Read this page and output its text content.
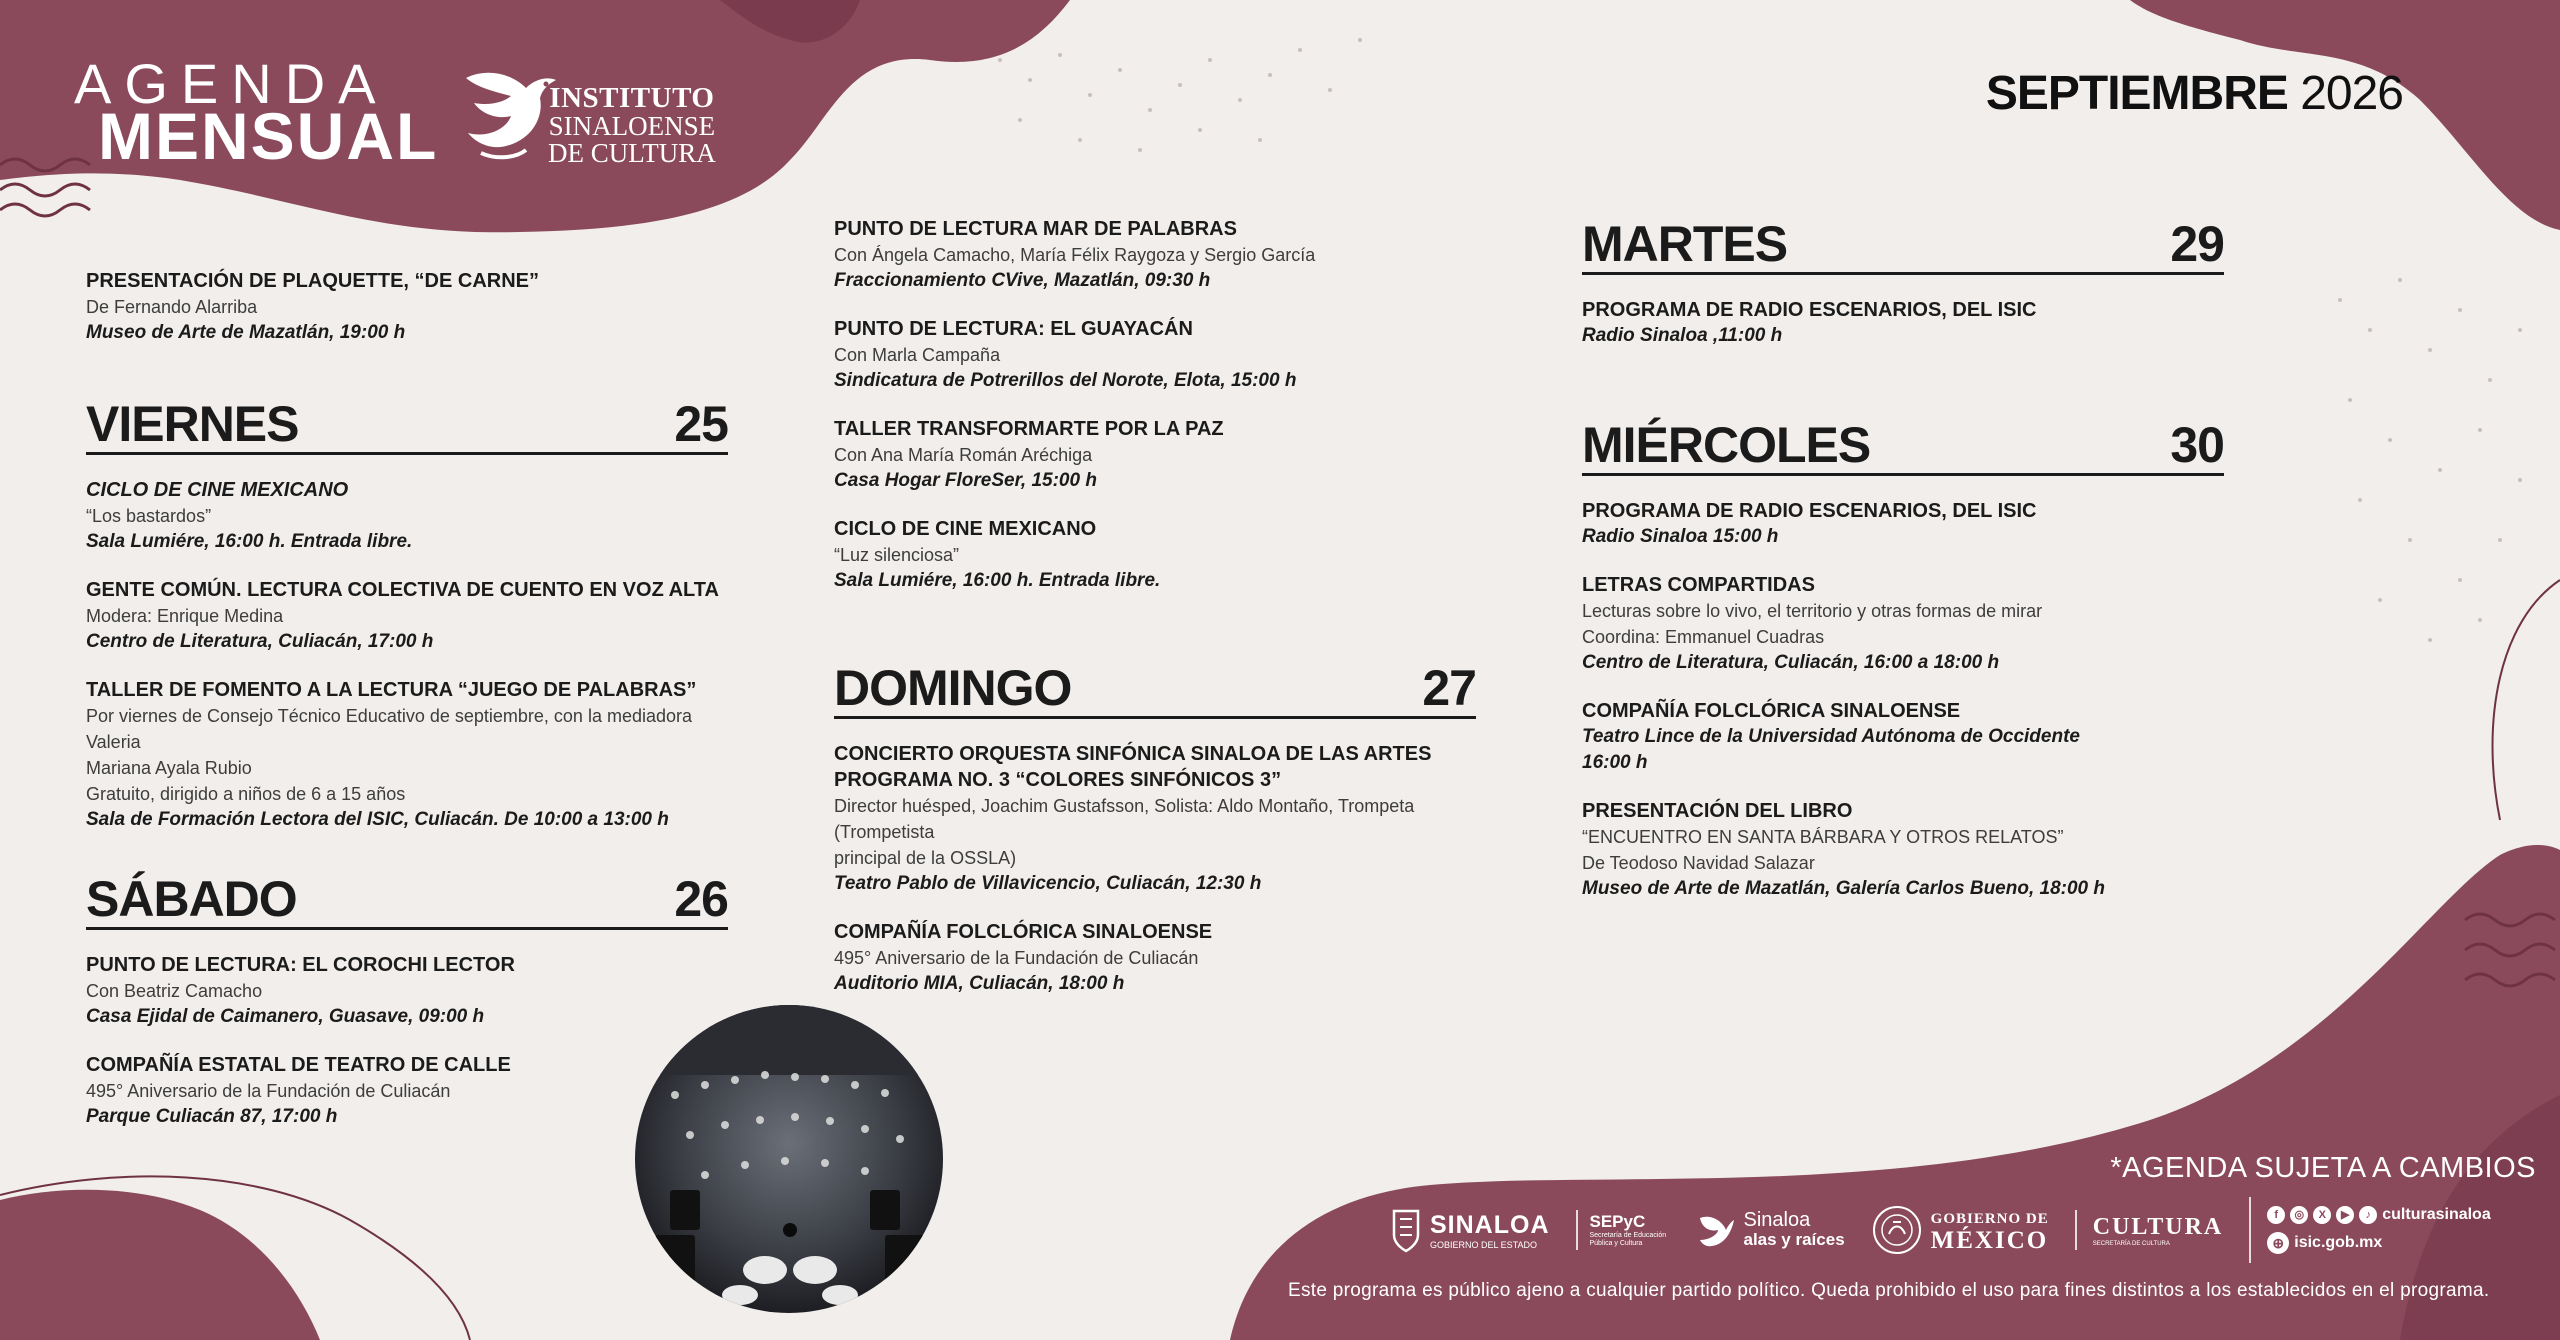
AGENDA
MENSUAL
INSTITUTO
SINALOENSE
DE CULTURA
SEPTIEMBRE 2026
PRESENTACIÓN DE PLAQUETTE, “DE CARNE”
De Fernando Alarriba
Museo de Arte de Mazatlán, 19:00 h
VIERNES	25
CICLO DE CINE MEXICANO
“Los bastardos”
Sala Lumiére, 16:00 h. Entrada libre.
GENTE COMÚN. LECTURA COLECTIVA DE CUENTO EN VOZ ALTA
Modera: Enrique Medina
Centro de Literatura, Culiacán, 17:00 h
TALLER DE FOMENTO A LA LECTURA “JUEGO DE PALABRAS”
Por viernes de Consejo Técnico Educativo de septiembre, con la mediadora Valeria
Mariana Ayala Rubio
Gratuito, dirigido a niños de 6 a 15 años
Sala de Formación Lectora del ISIC, Culiacán. De 10:00 a 13:00 h
SÁBADO	26
PUNTO DE LECTURA: EL COROCHI LECTOR
Con Beatriz Camacho
Casa Ejidal de Caimanero, Guasave, 09:00 h
COMPAÑÍA ESTATAL DE TEATRO DE CALLE
495° Aniversario de la Fundación de Culiacán
Parque Culiacán 87, 17:00 h
PUNTO DE LECTURA MAR DE PALABRAS
Con Ángela Camacho, María Félix Raygoza y Sergio García
Fraccionamiento CVive, Mazatlán, 09:30 h
PUNTO DE LECTURA: EL GUAYACÁN
Con Marla Campaña
Sindicatura de Potrerillos del Norote, Elota, 15:00 h
TALLER TRANSFORMARTE POR LA PAZ
Con Ana María Román Aréchiga
Casa Hogar FloreSer, 15:00 h
CICLO DE CINE MEXICANO
“Luz silenciosa”
Sala Lumiére, 16:00 h. Entrada libre.
DOMINGO	27
CONCIERTO ORQUESTA SINFÓNICA SINALOA DE LAS ARTES
PROGRAMA NO. 3 “COLORES SINFÓNICOS 3”
Director huésped, Joachim Gustafsson, Solista: Aldo Montaño, Trompeta (Trompetista
principal de la OSSLA)
Teatro Pablo de Villavicencio, Culiacán, 12:30 h
COMPAÑÍA FOLCLÓRICA SINALOENSE
495° Aniversario de la Fundación de Culiacán
Auditorio MIA, Culiacán, 18:00 h
MARTES	29
PROGRAMA DE RADIO ESCENARIOS, DEL ISIC
Radio Sinaloa ,11:00 h
MIÉRCOLES	30
PROGRAMA DE RADIO ESCENARIOS, DEL ISIC
Radio Sinaloa 15:00 h
LETRAS COMPARTIDAS
Lecturas sobre lo vivo, el territorio y otras formas de mirar
Coordina: Emmanuel Cuadras
Centro de Literatura, Culiacán, 16:00 a 18:00 h
COMPAÑÍA FOLCLÓRICA SINALOENSE
Teatro Lince de la Universidad Autónoma de Occidente
16:00 h
PRESENTACIÓN DEL LIBRO
“ENCUENTRO EN SANTA BÁRBARA Y OTROS RELATOS”
De Teodoso Navidad Salazar
Museo de Arte de Mazatlán, Galería Carlos Bueno, 18:00 h
*AGENDA SUJETA A CAMBIOS
SINALOA
GOBIERNO DEL ESTADO
SEPyC
Secretaría de Educación Pública y Cultura
Sinaloa
alas y raíces
GOBIERNO DE
MÉXICO
CULTURA
SECRETARÍA DE CULTURA
f	◎	X	▶	♪ culturasinaloa
⊕ isic.gob.mx
Este programa es público ajeno a cualquier partido político. Queda prohibido el uso para fines distintos a los establecidos en el programa.
